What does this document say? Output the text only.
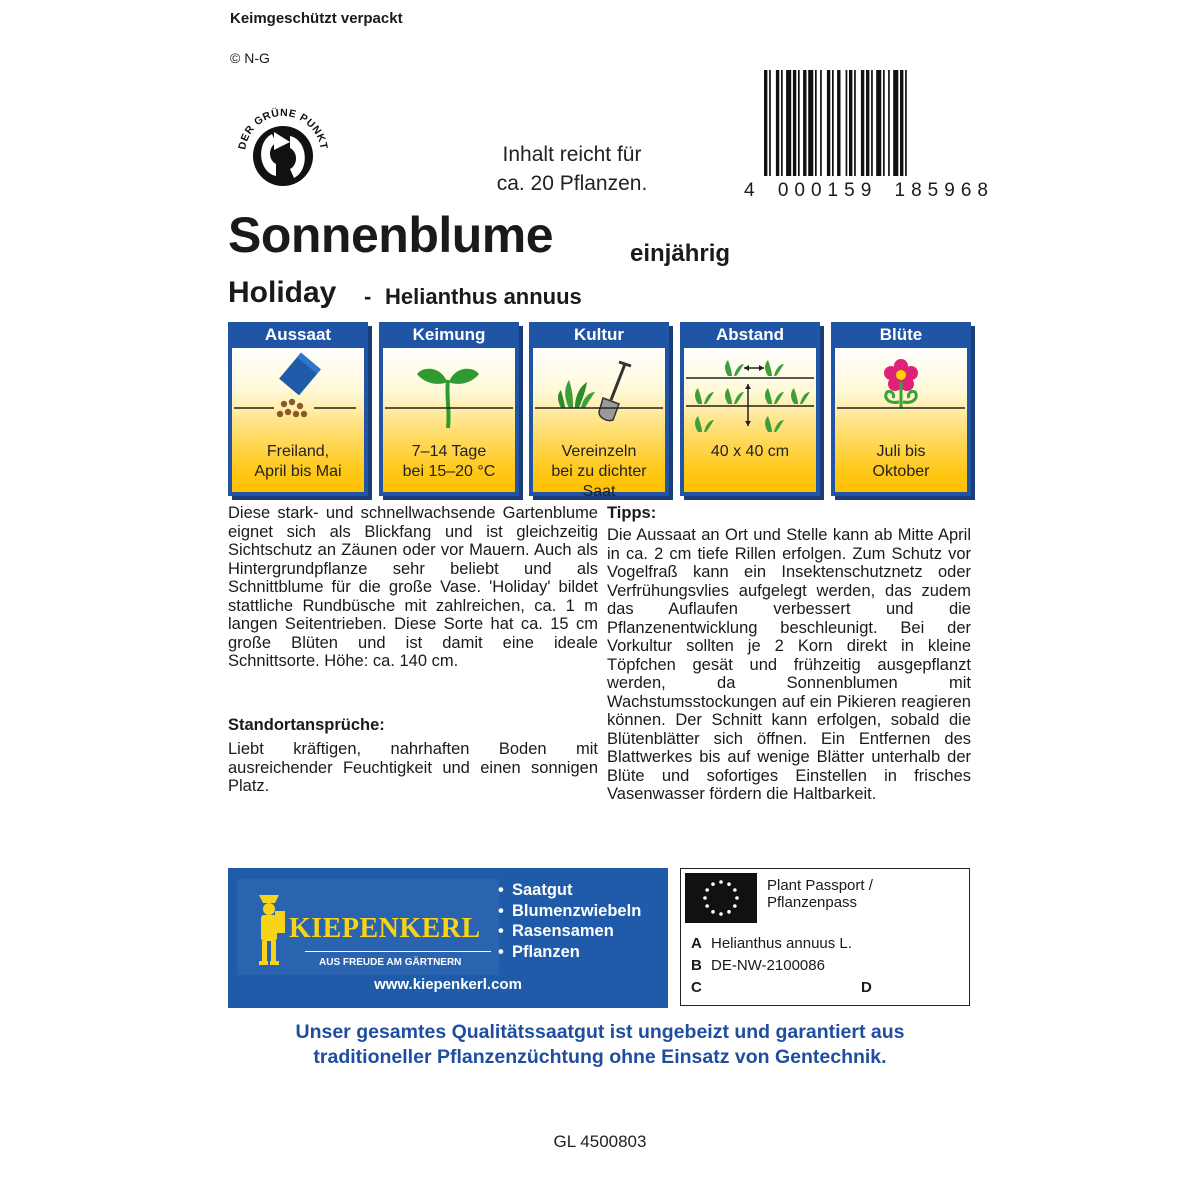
Keimgeschützt verpackt
© N-G
DER GRÜNE PUNKT	Inhalt reicht für
ca. 20 Pflanzen.	4 000159 185968
Sonnenblume	einjährig
Holiday - Helianthus annuus
Aussaat
Freiland,
April bis Mai
Keimung
7–14 Tage
bei 15–20 °C
Kultur
Vereinzeln
bei zu dichter
Saat
Abstand
40 x 40 cm
Blüte
Juli bis
Oktober
Diese stark- und schnellwachsende Gartenblume eignet sich als Blickfang und ist gleichzeitig Sichtschutz an Zäunen oder vor Mauern. Auch als Hintergrundpflanze sehr beliebt und als Schnittblume für die große Vase. 'Holiday' bildet stattliche Rundbüsche mit zahlreichen, ca. 1 m langen Seitentrieben. Diese Sorte hat ca. 15 cm große Blüten und ist damit eine ideale Schnittsorte. Höhe: ca. 140 cm.
Standortansprüche:
Liebt kräftigen, nahrhaften Boden mit ausreichender Feuchtigkeit und einen sonnigen Platz.
Tipps:
Die Aussaat an Ort und Stelle kann ab Mitte April in ca. 2 cm tiefe Rillen erfolgen. Zum Schutz vor Vogelfraß kann ein Insektenschutznetz oder Verfrühungsvlies aufgelegt werden, das zudem das Auflaufen verbessert und die Pflanzenentwicklung beschleunigt. Bei der Vorkultur sollten je 2 Korn direkt in kleine Töpfchen gesät und frühzeitig ausgepflanzt werden, da Sonnenblumen mit Wachstumsstockungen auf ein Pikieren reagieren können. Der Schnitt kann erfolgen, sobald die Blütenblätter sich öffnen. Ein Entfernen des Blattwerkes bis auf wenige Blätter unterhalb der Blüte und sofortiges Einstellen in frisches Vasenwasser fördern die Haltbarkeit.
KIEPENKERL
AUS FREUDE AM GÄRTNERN
• Saatgut
• Blumenzwiebeln
• Rasensamen
• Pflanzen
www.kiepenkerl.com
Plant Passport /
Pflanzenpass
A Helianthus annuus L.
B DE-NW-2100086
C	D
Unser gesamtes Qualitätssaatgut ist ungebeizt und garantiert aus
traditioneller Pflanzenzüchtung ohne Einsatz von Gentechnik.
GL 4500803
